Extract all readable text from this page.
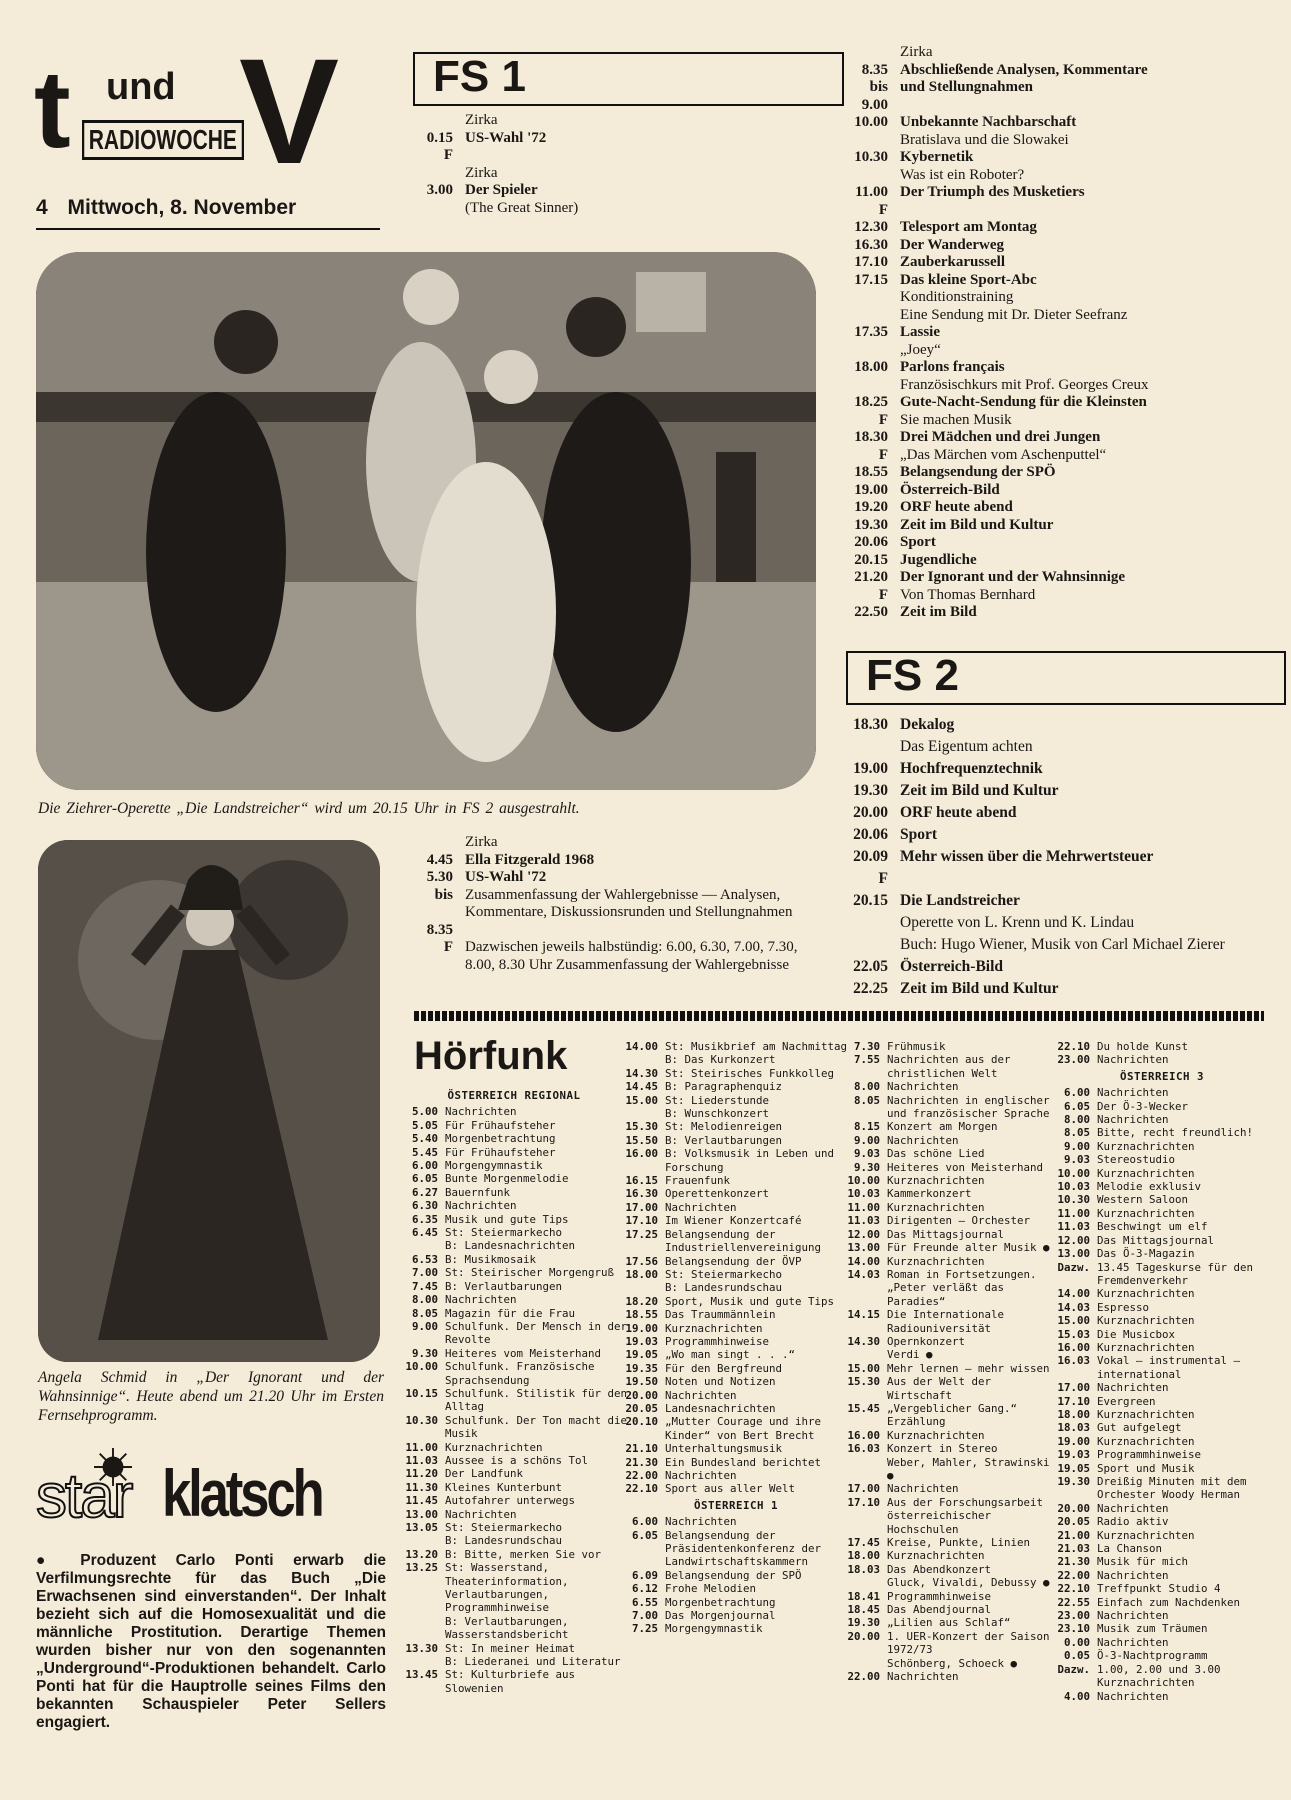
t und
RADIOWOCHE V
4 Mittwoch, 8. November
FS 1
Zirka
0.15 US-Wahl '72
F
Zirka
3.00 Der Spieler
(The Great Sinner)
Zirka
8.35 Abschließende Analysen, Kommentare
bis und Stellungnahmen
9.00
10.00 Unbekannte Nachbarschaft
Bratislava und die Slowakei
10.30 Kybernetik
Was ist ein Roboter?
11.00 Der Triumph des Musketiers
F
12.30 Telesport am Montag
16.30 Der Wanderweg
17.10 Zauberkarussell
17.15 Das kleine Sport-Abc
Konditionstraining
Eine Sendung mit Dr. Dieter Seefranz
17.35 Lassie
„Joey“
18.00 Parlons français
Französischkurs mit Prof. Georges Creux
18.25 Gute-Nacht-Sendung für die Kleinsten
F Sie machen Musik
18.30 Drei Mädchen und drei Jungen
F „Das Märchen vom Aschenputtel“
18.55 Belangsendung der SPÖ
19.00 Österreich-Bild
19.20 ORF heute abend
19.30 Zeit im Bild und Kultur
20.06 Sport
20.15 Jugendliche
21.20 Der Ignorant und der Wahnsinnige
F Von Thomas Bernhard
22.50 Zeit im Bild
Zirka
4.45 Ella Fitzgerald 1968
5.30 US-Wahl '72
bis Zusammenfassung der Wahlergebnisse — Analysen, Kommentare, Diskussionsrunden und Stellungnahmen
8.35
F Dazwischen jeweils halbstündig: 6.00, 6.30, 7.00, 7.30, 8.00, 8.30 Uhr Zusammenfassung der Wahlergebnisse
FS 2
18.30 Dekalog
Das Eigentum achten
19.00 Hochfrequenztechnik
19.30 Zeit im Bild und Kultur
20.00 ORF heute abend
20.06 Sport
20.09 Mehr wissen über die Mehrwertsteuer
F
20.15 Die Landstreicher
Operette von L. Krenn und K. Lindau
Buch: Hugo Wiener, Musik von Carl Michael Zierer
22.05 Österreich-Bild
22.25 Zeit im Bild und Kultur
Die Ziehrer-Operette „Die Landstreicher“ wird um 20.15 Uhr in FS 2 ausgestrahlt.
Angela Schmid in „Der Ignorant und der Wahnsinnige“. Heute abend um 21.20 Uhr im Ersten Fernsehprogramm.
star klatsch
● Produzent Carlo Ponti erwarb die Verfilmungsrechte für das Buch „Die Erwachsenen sind einverstanden“. Der Inhalt bezieht sich auf die Homosexualität und die männliche Prostitution. Derartige Themen wurden bisher nur von den sogenannten „Underground“-Produktionen behandelt. Carlo Ponti hat für die Hauptrolle seines Films den bekannten Schauspieler Peter Sellers engagiert.
Hörfunk
ÖSTERREICH REGIONAL
5.00 Nachrichten
5.05 Für Frühaufsteher
5.40 Morgenbetrachtung
5.45 Für Frühaufsteher
6.00 Morgengymnastik
6.05 Bunte Morgenmelodie
6.27 Bauernfunk
6.30 Nachrichten
6.35 Musik und gute Tips
6.45 St: Steiermarkecho
B: Landesnachrichten
6.53 B: Musikmosaik
7.00 St: Steirischer Morgengruß
7.45 B: Verlautbarungen
8.00 Nachrichten
8.05 Magazin für die Frau
9.00 Schulfunk. Der Mensch in der Revolte
9.30 Heiteres vom Meisterhand
10.00 Schulfunk. Französische Sprachsendung
10.15 Schulfunk. Stilistik für den Alltag
10.30 Schulfunk. Der Ton macht die Musik
11.00 Kurznachrichten
11.03 Aussee is a schöns Tol
11.20 Der Landfunk
11.30 Kleines Kunterbunt
11.45 Autofahrer unterwegs
13.00 Nachrichten
13.05 St: Steiermarkecho
B: Landesrundschau
13.20 B: Bitte, merken Sie vor
13.25 St: Wasserstand, Theaterinformation, Verlautbarungen, Programmhinweise
B: Verlautbarungen, Wasserstandsbericht
13.30 St: In meiner Heimat
B: Liederanei und Literatur
13.45 St: Kulturbriefe aus Slowenien
14.00 St: Musikbrief am Nachmittag
B: Das Kurkonzert
14.30 St: Steirisches Funkkolleg
14.45 B: Paragraphenquiz
15.00 St: Liederstunde
B: Wunschkonzert
15.30 St: Melodienreigen
15.50 B: Verlautbarungen
16.00 B: Volksmusik in Leben und Forschung
16.15 Frauenfunk
16.30 Operettenkonzert
17.00 Nachrichten
17.10 Im Wiener Konzertcafé
17.25 Belangsendung der Industriellenvereinigung
17.56 Belangsendung der ÖVP
18.00 St: Steiermarkecho
B: Landesrundschau
18.20 Sport, Musik und gute Tips
18.55 Das Traummännlein
19.00 Kurznachrichten
19.03 Programmhinweise
19.05 „Wo man singt . . .“
19.35 Für den Bergfreund
19.50 Noten und Notizen
20.00 Nachrichten
20.05 Landesnachrichten
20.10 „Mutter Courage und ihre Kinder“ von Bert Brecht
21.10 Unterhaltungsmusik
21.30 Ein Bundesland berichtet
22.00 Nachrichten
22.10 Sport aus aller Welt
ÖSTERREICH 1
6.00 Nachrichten
6.05 Belangsendung der Präsidentenkonferenz der Landwirtschaftskammern
6.09 Belangsendung der SPÖ
6.12 Frohe Melodien
6.55 Morgenbetrachtung
7.00 Das Morgenjournal
7.25 Morgengymnastik
7.30 Frühmusik
7.55 Nachrichten aus der christlichen Welt
8.00 Nachrichten
8.05 Nachrichten in englischer und französischer Sprache
8.15 Konzert am Morgen
9.00 Nachrichten
9.03 Das schöne Lied
9.30 Heiteres von Meisterhand
10.00 Kurznachrichten
10.03 Kammerkonzert
11.00 Kurznachrichten
11.03 Dirigenten — Orchester
12.00 Das Mittagsjournal
13.00 Für Freunde alter Musik ●
14.00 Kurznachrichten
14.03 Roman in Fortsetzungen. „Peter verläßt das Paradies“
14.15 Die Internationale Radiouniversität
14.30 Opernkonzert
Verdi ●
15.00 Mehr lernen — mehr wissen
15.30 Aus der Welt der Wirtschaft
15.45 „Vergeblicher Gang.“ Erzählung
16.00 Kurznachrichten
16.03 Konzert in Stereo
Weber, Mahler, Strawinski ●
17.00 Nachrichten
17.10 Aus der Forschungsarbeit österreichischer Hochschulen
17.45 Kreise, Punkte, Linien
18.00 Kurznachrichten
18.03 Das Abendkonzert
Gluck, Vivaldi, Debussy ●
18.41 Programmhinweise
18.45 Das Abendjournal
19.30 „Lilien aus Schlaf“
20.00 1. UER-Konzert der Saison 1972/73
Schönberg, Schoeck ●
22.00 Nachrichten
22.10 Du holde Kunst
23.00 Nachrichten
ÖSTERREICH 3
6.00 Nachrichten
6.05 Der Ö-3-Wecker
8.00 Nachrichten
8.05 Bitte, recht freundlich!
9.00 Kurznachrichten
9.03 Stereostudio
10.00 Kurznachrichten
10.03 Melodie exklusiv
10.30 Western Saloon
11.00 Kurznachrichten
11.03 Beschwingt um elf
12.00 Das Mittagsjournal
13.00 Das Ö-3-Magazin
Dazw. 13.45 Tageskurse für den Fremdenverkehr
14.00 Kurznachrichten
14.03 Espresso
15.00 Kurznachrichten
15.03 Die Musicbox
16.00 Kurznachrichten
16.03 Vokal — instrumental — international
17.00 Nachrichten
17.10 Evergreen
18.00 Kurznachrichten
18.03 Gut aufgelegt
19.00 Kurznachrichten
19.03 Programmhinweise
19.05 Sport und Musik
19.30 Dreißig Minuten mit dem Orchester Woody Herman
20.00 Nachrichten
20.05 Radio aktiv
21.00 Kurznachrichten
21.03 La Chanson
21.30 Musik für mich
22.00 Nachrichten
22.10 Treffpunkt Studio 4
22.55 Einfach zum Nachdenken
23.00 Nachrichten
23.10 Musik zum Träumen
0.00 Nachrichten
0.05 Ö-3-Nachtprogramm
Dazw. 1.00, 2.00 und 3.00 Kurznachrichten
4.00 Nachrichten
